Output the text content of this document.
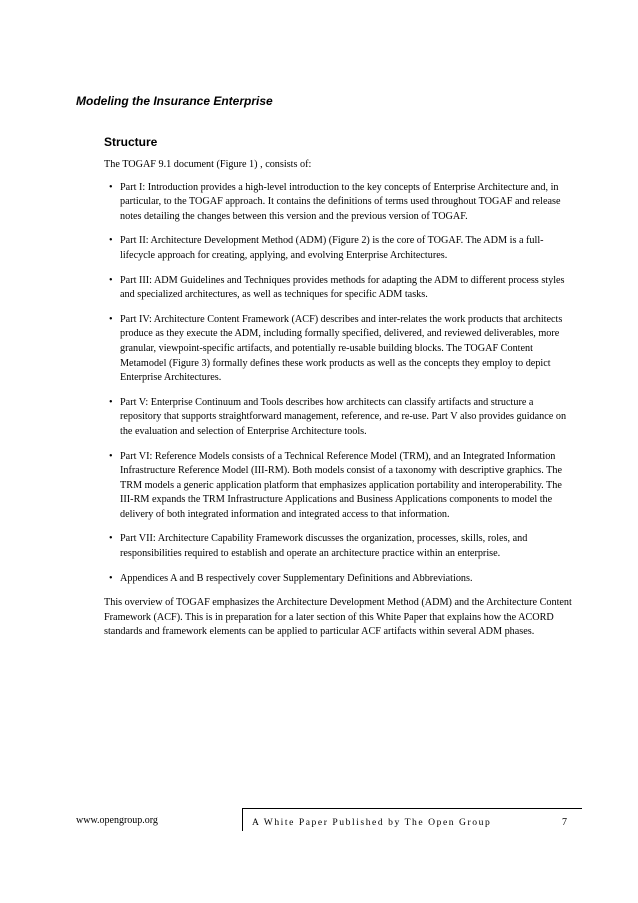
Modeling the Insurance Enterprise
Structure

The TOGAF 9.1 document (Figure 1) , consists of:

• Part I: Introduction provides a high-level introduction to the key concepts of Enterprise Architecture and, in particular, to the TOGAF approach. It contains the definitions of terms used throughout TOGAF and release notes detailing the changes between this version and the previous version of TOGAF.
• Part II: Architecture Development Method (ADM) (Figure 2) is the core of TOGAF. The ADM is a full-lifecycle approach for creating, applying, and evolving Enterprise Architectures.
• Part III: ADM Guidelines and Techniques provides methods for adapting the ADM to different process styles and specialized architectures, as well as techniques for specific ADM tasks.
• Part IV: Architecture Content Framework (ACF) describes and inter-relates the work products that architects produce as they execute the ADM, including formally specified, delivered, and reviewed deliverables, more granular, viewpoint-specific artifacts, and potentially re-usable building blocks. The TOGAF Content Metamodel (Figure 3) formally defines these work products as well as the concepts they employ to depict Enterprise Architectures.
• Part V: Enterprise Continuum and Tools describes how architects can classify artifacts and structure a repository that supports straightforward management, reference, and re-use. Part V also provides guidance on the evaluation and selection of Enterprise Architecture tools.
• Part VI: Reference Models consists of a Technical Reference Model (TRM), and an Integrated Information Infrastructure Reference Model (III-RM). Both models consist of a taxonomy with descriptive graphics. The TRM models a generic application platform that emphasizes application portability and interoperability. The III-RM expands the TRM Infrastructure Applications and Business Applications components to model the delivery of both integrated information and integrated access to that information.
• Part VII: Architecture Capability Framework discusses the organization, processes, skills, roles, and responsibilities required to establish and operate an architecture practice within an enterprise.
• Appendices A and B respectively cover Supplementary Definitions and Abbreviations.

This overview of TOGAF emphasizes the Architecture Development Method (ADM) and the Architecture Content Framework (ACF). This is in preparation for a later section of this White Paper that explains how the ACORD standards and framework elements can be applied to particular ACF artifacts within several ADM phases.

www.opengroup.org	A White Paper Published by The Open Group	7
